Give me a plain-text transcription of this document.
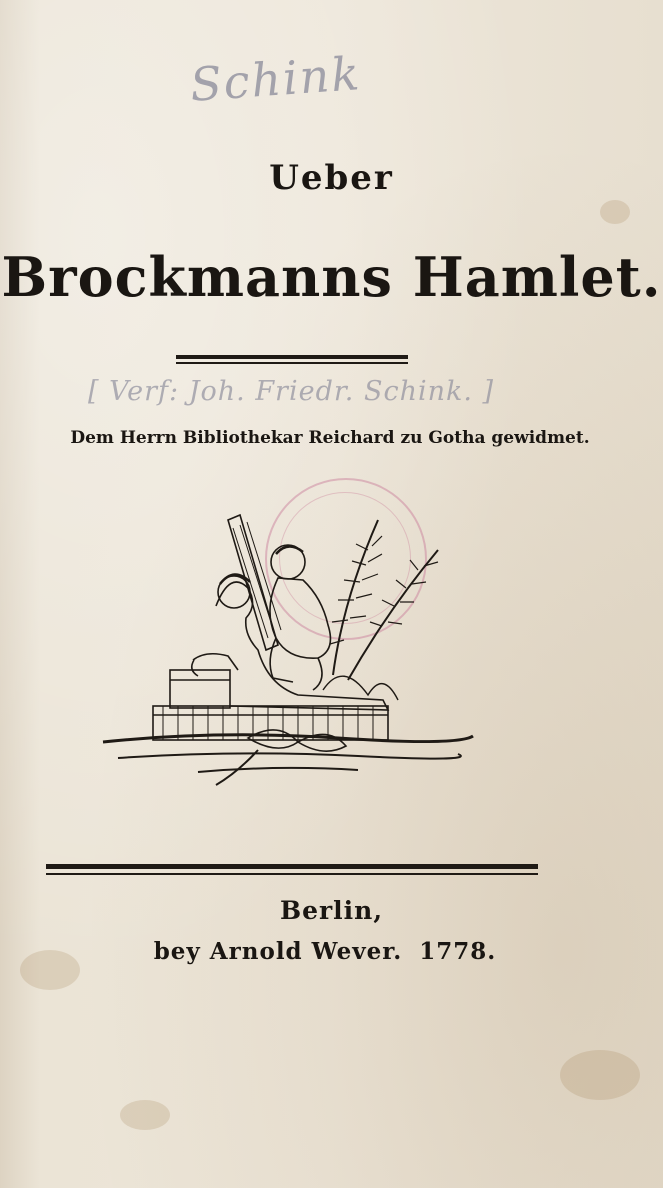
Schink
Ueber
Brockmanns Hamlet.
[ Verf: Joh. Friedr. Schink. ]
Dem Herrn Bibliothekar Reichard zu Gotha gewidmet.
Berlin,
bey Arnold Wever. 1778.
